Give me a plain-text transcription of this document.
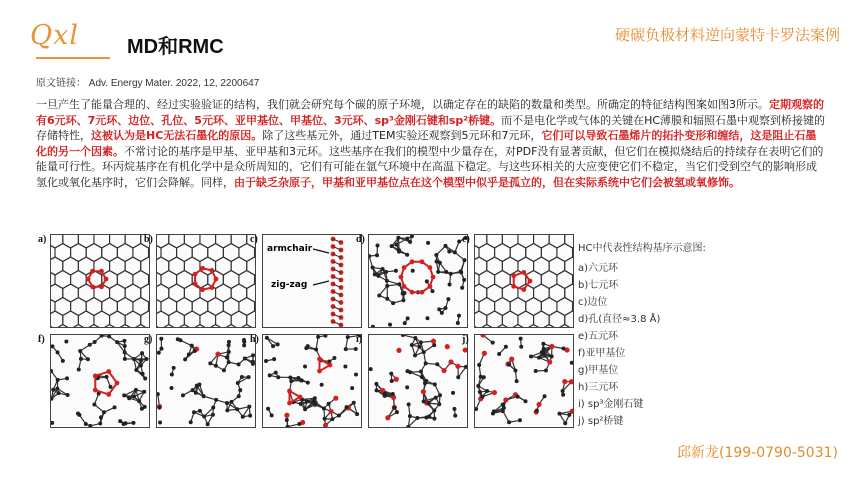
Qxl MD和RMC
硬碳负极材料逆向蒙特卡罗法案例
原文链接： Adv. Energy Mater. 2022, 12, 2200647
一旦产生了能量合理的、经过实验验证的结构，我们就会研究每个碳的原子环境，以确定存在的缺陷的数量和类型。所确定的特征结构图案如图3所示。定期观察的有6元环、7元环、边位、孔位、5元环、亚甲基位、甲基位、3元环、sp³金刚石键和sp²桥键。而不是电化学或气体的关键在HC薄膜和辐照石墨中观察到桥接键的存储特性，这被认为是HC无法石墨化的原因。除了这些基元外，通过TEM实验还观察到5元环和7元环，它们可以导致石墨烯片的拓扑变形和缠结，这是阻止石墨化的另一个因素。不常讨论的基序是甲基、亚甲基和3元环。这些基序在我们的模型中少量存在，对PDF没有显著贡献，但它们在模拟烧结后的持续存在表明它们的能量可行性。环丙烷基序在有机化学中是众所周知的，它们有可能在氩气环境中在高温下稳定。与这些环相关的大应变使它们不稳定，当它们受到空气的影响形成氢化或氧化基序时，它们会降解。同样，由于缺乏杂原子，甲基和亚甲基位点在这个模型中似乎是孤立的，但在实际系统中它们会被氢或氧修饰。
a)	b)	c)
armchair
zig-zag
d)	e)
f)	g)	h)	i)	j)
HC中代表性结构基序示意图:
a)六元环
b)七元环
c)边位
d)孔(直径≈3.8 Å)
e)五元环
f)亚甲基位
g)甲基位
h)三元环
i) sp³金刚石键
j) sp²桥键
邱新龙(199-0790-5031)
